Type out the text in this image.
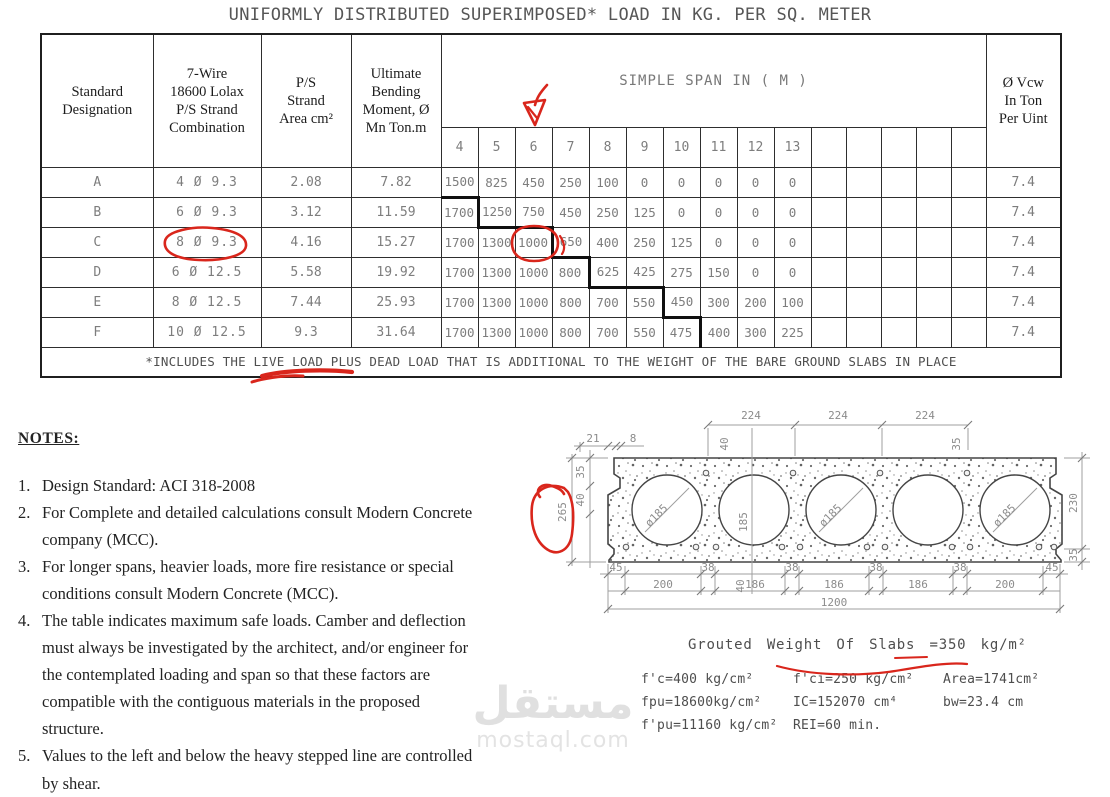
UNIFORMLY DISTRIBUTED SUPERIMPOSED* LOAD IN KG. PER SQ. METER
Standard Designation	7-Wire 18600 Lolax P/S Strand Combination	P/S Strand Area cm²	Ultimate Bending Moment, Ø Mn Ton.m	SIMPLE SPAN IN ( M )															Ø Vcw In Ton Per Uint
				4	5	6	7	8	9	10	11	12	13						
A	4 Ø 9.3	2.08	7.82	1500	825	450	250	100	0	0	0	0	0						7.4
B	6 Ø 9.3	3.12	11.59	1700	1250	750	450	250	125	0	0	0	0						7.4
C	8 Ø 9.3	4.16	15.27	1700	1300	1000	650	400	250	125	0	0	0						7.4
D	6 Ø 12.5	5.58	19.92	1700	1300	1000	800	625	425	275	150	0	0						7.4
E	8 Ø 12.5	7.44	25.93	1700	1300	1000	800	700	550	450	300	200	100						7.4
F	10 Ø 12.5	9.3	31.64	1700	1300	1000	800	700	550	475	400	300	225						7.4
*INCLUDES THE LIVE LOAD PLUS DEAD LOAD THAT IS ADDITIONAL TO THE WEIGHT OF THE BARE GROUND SLABS IN PLACE																			
NOTES:
1. Design Standard: ACI 318-2008
2. For Complete and detailed calculations consult Modern Concrete company (MCC).
3. For longer spans, heavier loads, more fire resistance or special conditions consult Modern Concrete (MCC).
4. The table indicates maximum safe loads. Camber and deflection must always be investigated by the architect, and/or engineer for the contemplated loading and span so that these factors are compatible with the contiguous materials in the proposed structure.
5. Values to the left and below the heavy stepped line are controlled by shear.
ø185	185	ø185	ø185
224	224	224
40	35
21	8
35
40
265	230
35
45	38	38	38	38	45
40
200	186	186	186	200
1200
Grouted Weight Of Slabs =350 kg/m²
f'c=400 kg/cm²
fpu=18600kg/cm²
f'pu=11160 kg/cm²
f'ci=250 kg/cm²
IC=152070 cm⁴
REI=60 min.
Area=1741cm²
bw=23.4 cm
مستقل
mostaql.com
